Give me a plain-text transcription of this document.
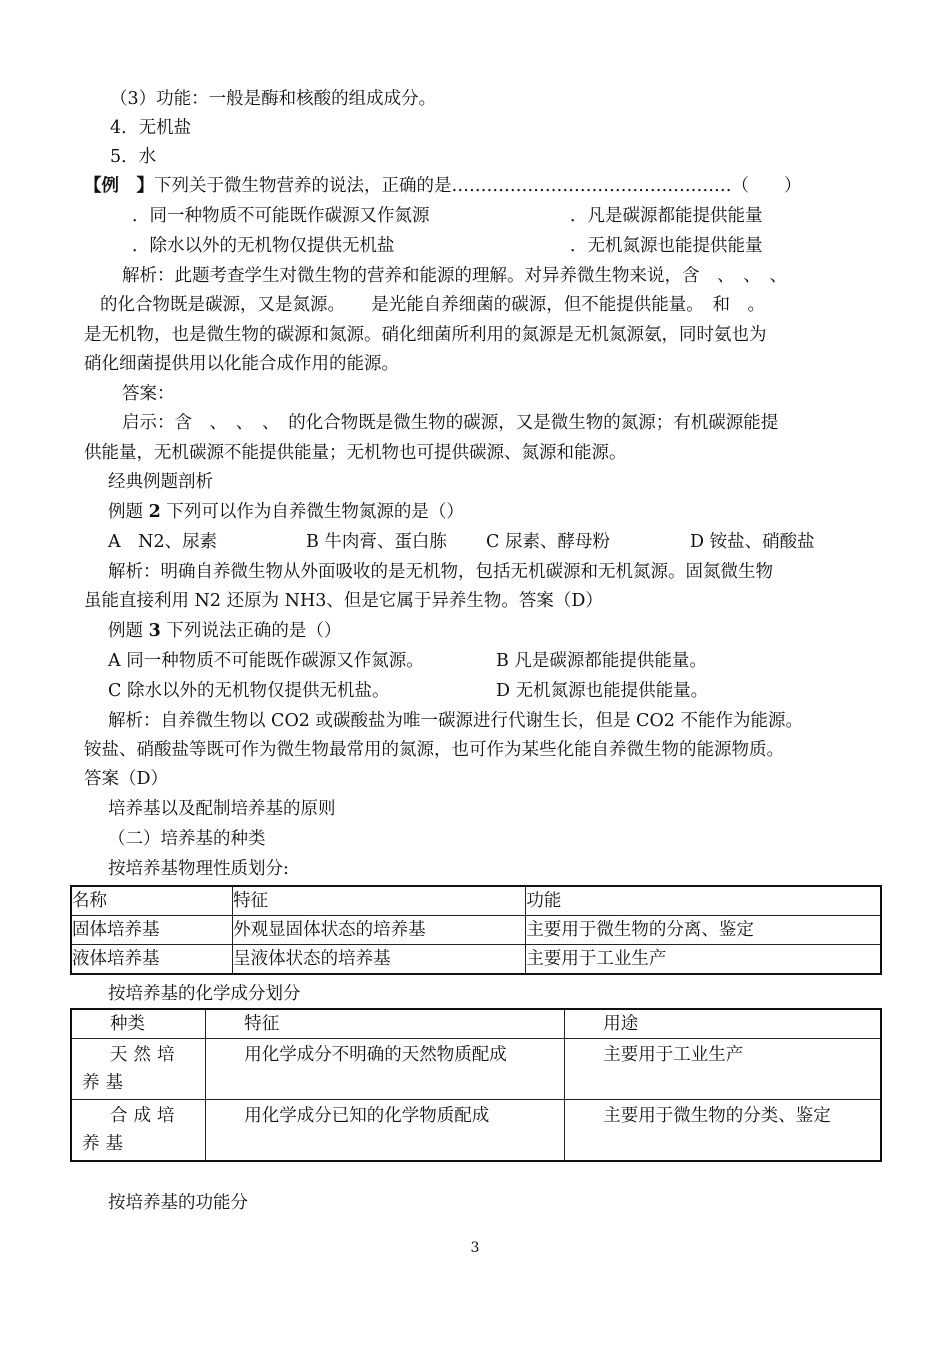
（3）功能：一般是酶和核酸的组成成分。
4．无机盐
5．水
【例　】下列关于微生物营养的说法，正确的是…………………………………………（　　）
．同一种物质不可能既作碳源又作氮源	．凡是碳源都能提供能量
．除水以外的无机物仅提供无机盐	．无机氮源也能提供能量
解析：此题考查学生对微生物的营养和能源的理解。对异养微生物来说，含　、　、　、
的化合物既是碳源，又是氮源。　　是光能自养细菌的碳源，但不能提供能量。　和　。
是无机物，也是微生物的碳源和氮源。硝化细菌所利用的氮源是无机氮源氨，同时氨也为
硝化细菌提供用以化能合成作用的能源。
答案：
启示：含　、　、　、　的化合物既是微生物的碳源，又是微生物的氮源；有机碳源能提
供能量，无机碳源不能提供能量；无机物也可提供碳源、氮源和能源。
经典例题剖析
例题 2 下列可以作为自养微生物氮源的是（）
A　N2、尿素	B 牛肉膏、蛋白胨 C 尿素、酵母粉	D 铵盐、硝酸盐
解析：明确自养微生物从外面吸收的是无机物，包括无机碳源和无机氮源。固氮微生物
虽能直接利用 N2 还原为 NH3、但是它属于异养生物。答案（D）
例题 3 下列说法正确的是（）
A 同一种物质不可能既作碳源又作氮源。	B 凡是碳源都能提供能量。
C 除水以外的无机物仅提供无机盐。	D 无机氮源也能提供能量。
解析：自养微生物以 CO2 或碳酸盐为唯一碳源进行代谢生长，但是 CO2 不能作为能源。
铵盐、硝酸盐等既可作为微生物最常用的氮源，也可作为某些化能自养微生物的能源物质。
答案（D）
培养基以及配制培养基的原则
（二）培养基的种类
按培养基物理性质划分:
名称	特征	功能
固体培养基	外观显固体状态的培养基	主要用于微生物的分离、鉴定
液体培养基	呈液体状态的培养基	主要用于工业生产
按培养基的化学成分划分
种类	特征	用途
天然培养基	用化学成分不明确的天然物质配成	主要用于工业生产
合成培养基	用化学成分已知的化学物质配成	主要用于微生物的分类、鉴定
按培养基的功能分
3
